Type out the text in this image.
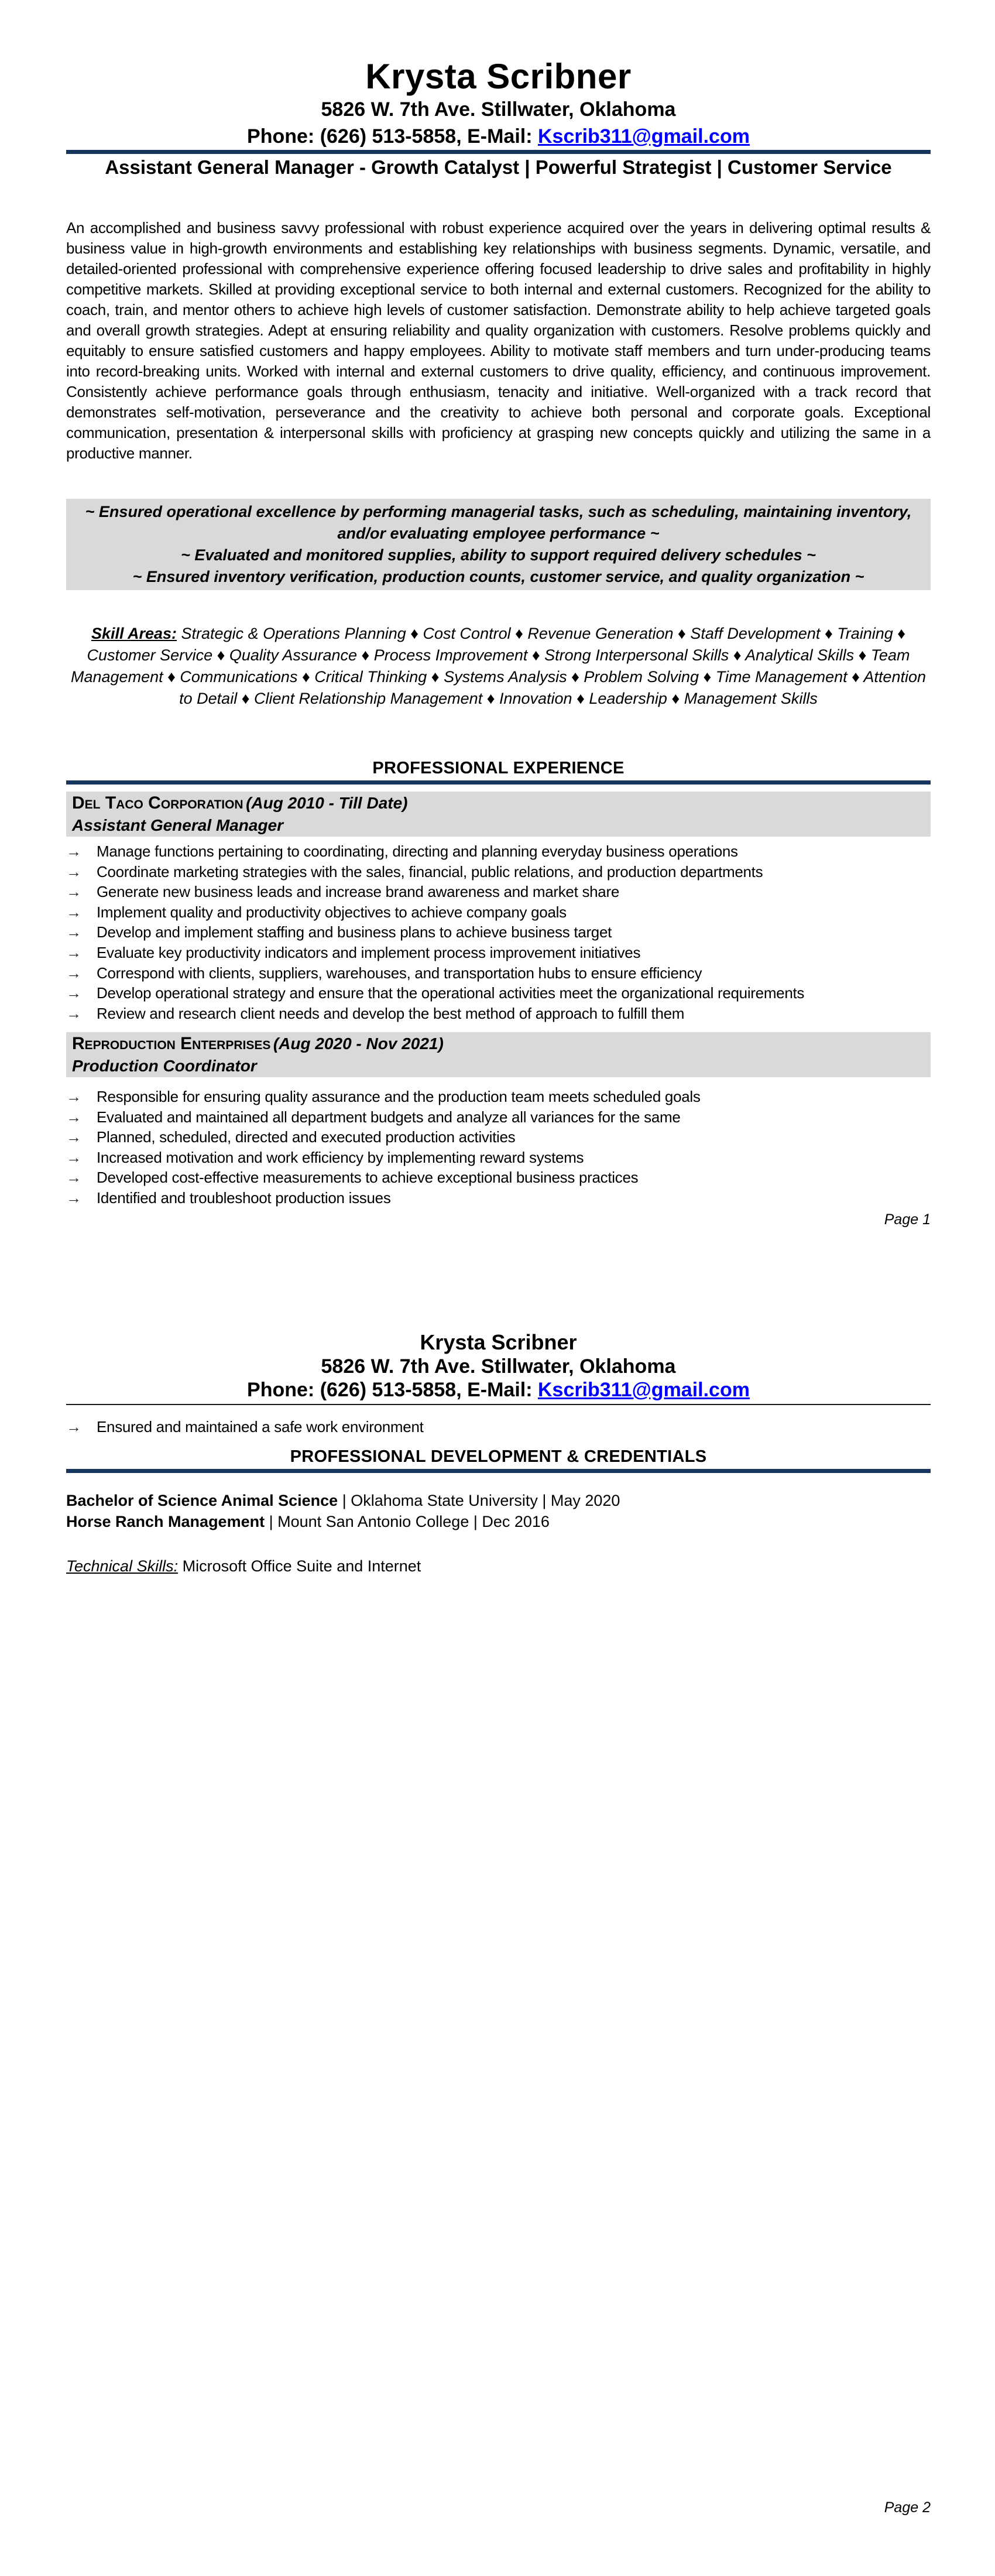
Krysta Scribner
5826 W. 7th Ave. Stillwater, Oklahoma
Phone: (626) 513-5858, E-Mail: Kscrib311@gmail.com
Assistant General Manager - Growth Catalyst | Powerful Strategist | Customer Service
An accomplished and business savvy professional with robust experience acquired over the years in delivering optimal results & business value in high-growth environments and establishing key relationships with business segments. Dynamic, versatile, and detailed-oriented professional with comprehensive experience offering focused leadership to drive sales and profitability in highly competitive markets. Skilled at providing exceptional service to both internal and external customers. Recognized for the ability to coach, train, and mentor others to achieve high levels of customer satisfaction. Demonstrate ability to help achieve targeted goals and overall growth strategies. Adept at ensuring reliability and quality organization with customers. Resolve problems quickly and equitably to ensure satisfied customers and happy employees. Ability to motivate staff members and turn under-producing teams into record-breaking units. Worked with internal and external customers to drive quality, efficiency, and continuous improvement. Consistently achieve performance goals through enthusiasm, tenacity and initiative. Well-organized with a track record that demonstrates self-motivation, perseverance and the creativity to achieve both personal and corporate goals. Exceptional communication, presentation & interpersonal skills with proficiency at grasping new concepts quickly and utilizing the same in a productive manner.
~ Ensured operational excellence by performing managerial tasks, such as scheduling, maintaining inventory, and/or evaluating employee performance ~
~ Evaluated and monitored supplies, ability to support required delivery schedules ~
~ Ensured inventory verification, production counts, customer service, and quality organization ~
Skill Areas: Strategic & Operations Planning ♦ Cost Control ♦ Revenue Generation ♦ Staff Development ♦ Training ♦ Customer Service ♦ Quality Assurance ♦ Process Improvement ♦ Strong Interpersonal Skills ♦ Analytical Skills ♦ Team Management ♦ Communications ♦ Critical Thinking ♦ Systems Analysis ♦ Problem Solving ♦ Time Management ♦ Attention to Detail ♦ Client Relationship Management ♦ Innovation ♦ Leadership ♦ Management Skills
PROFESSIONAL EXPERIENCE
Del Taco Corporation (Aug 2010 - Till Date)
Assistant General Manager
→	Manage functions pertaining to coordinating, directing and planning everyday business operations
→	Coordinate marketing strategies with the sales, financial, public relations, and production departments
→	Generate new business leads and increase brand awareness and market share
→	Implement quality and productivity objectives to achieve company goals
→	Develop and implement staffing and business plans to achieve business target
→	Evaluate key productivity indicators and implement process improvement initiatives
→	Correspond with clients, suppliers, warehouses, and transportation hubs to ensure efficiency
→	Develop operational strategy and ensure that the operational activities meet the organizational requirements
→	Review and research client needs and develop the best method of approach to fulfill them
Reproduction Enterprises (Aug 2020 - Nov 2021)
Production Coordinator
→	Responsible for ensuring quality assurance and the production team meets scheduled goals
→	Evaluated and maintained all department budgets and analyze all variances for the same
→	Planned, scheduled, directed and executed production activities
→	Increased motivation and work efficiency by implementing reward systems
→	Developed cost-effective measurements to achieve exceptional business practices
→	Identified and troubleshoot production issues
Page 1
Krysta Scribner
5826 W. 7th Ave. Stillwater, Oklahoma
Phone: (626) 513-5858, E-Mail: Kscrib311@gmail.com
→	Ensured and maintained a safe work environment
PROFESSIONAL DEVELOPMENT & CREDENTIALS
Bachelor of Science Animal Science | Oklahoma State University | May 2020
Horse Ranch Management | Mount San Antonio College | Dec 2016
Technical Skills: Microsoft Office Suite and Internet
Page 2
